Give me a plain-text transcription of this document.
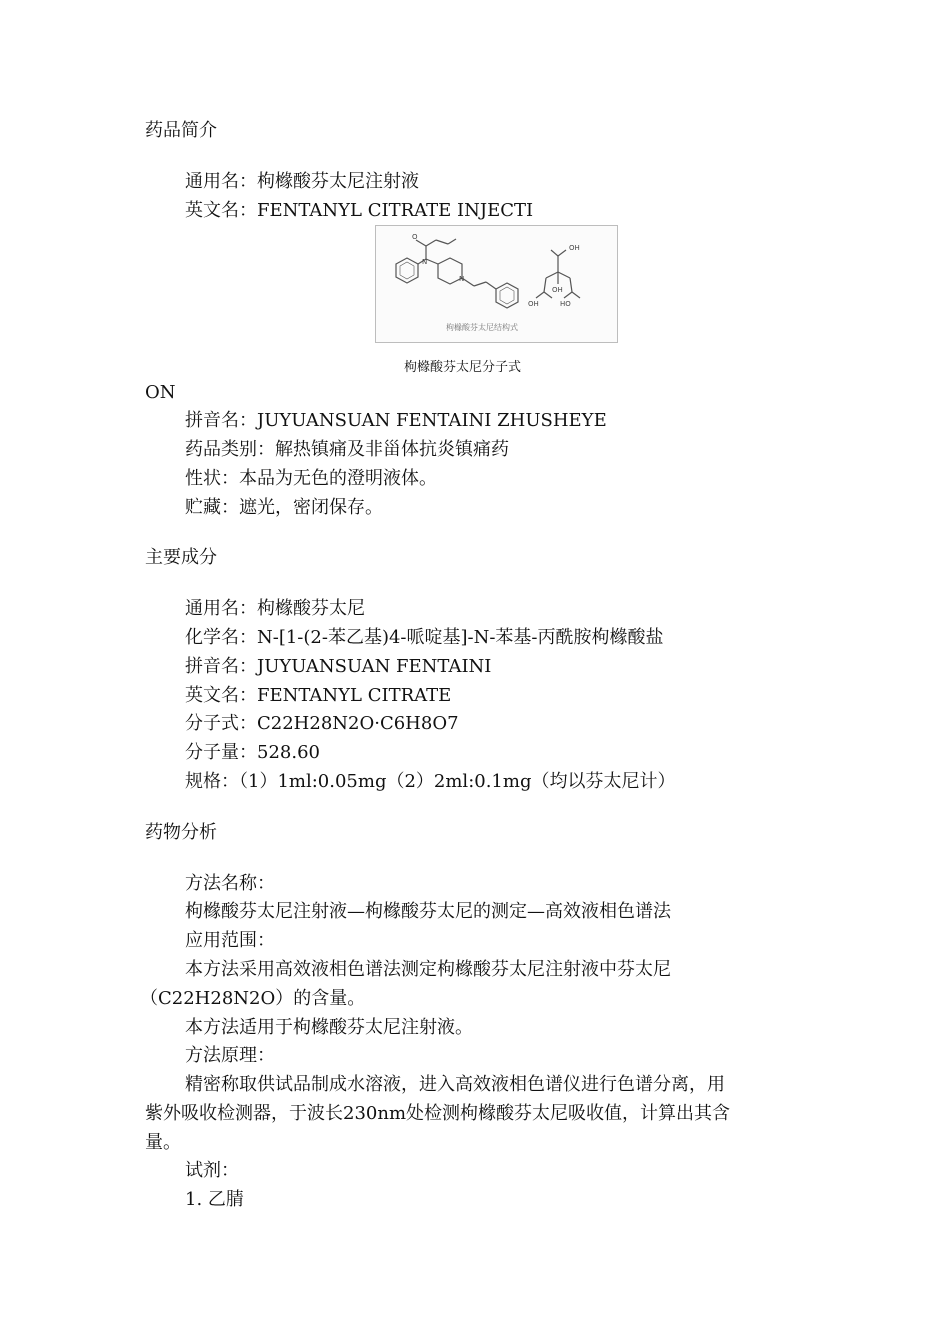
药品简介
通用名：枸橼酸芬太尼注射液
英文名：FENTANYL CITRATE INJECTI
N
O
N
OH
OH
OH	HO
枸橼酸芬太尼结构式
枸橼酸芬太尼分子式
ON
拼音名：JUYUANSUAN FENTAINI ZHUSHEYE
药品类别：解热镇痛及非甾体抗炎镇痛药
性状：本品为无色的澄明液体。
贮藏：遮光，密闭保存。
主要成分
通用名：枸橼酸芬太尼
化学名：N-[1-(2-苯乙基)4-哌啶基]-N-苯基-丙酰胺枸橼酸盐
拼音名：JUYUANSUAN FENTAINI
英文名：FENTANYL CITRATE
分子式：C22H28N2O·C6H8O7
分子量：528.60
规格：（1）1ml:0.05mg（2）2ml:0.1mg（均以芬太尼计）
药物分析
方法名称：
枸橼酸芬太尼注射液—枸橼酸芬太尼的测定—高效液相色谱法
应用范围：
本方法采用高效液相色谱法测定枸橼酸芬太尼注射液中芬太尼
（C22H28N2O）的含量。
本方法适用于枸橼酸芬太尼注射液。
方法原理：
精密称取供试品制成水溶液，进入高效液相色谱仪进行色谱分离，用
紫外吸收检测器，于波长230nm处检测枸橼酸芬太尼吸收值，计算出其含
量。
试剂：
1. 乙腈
